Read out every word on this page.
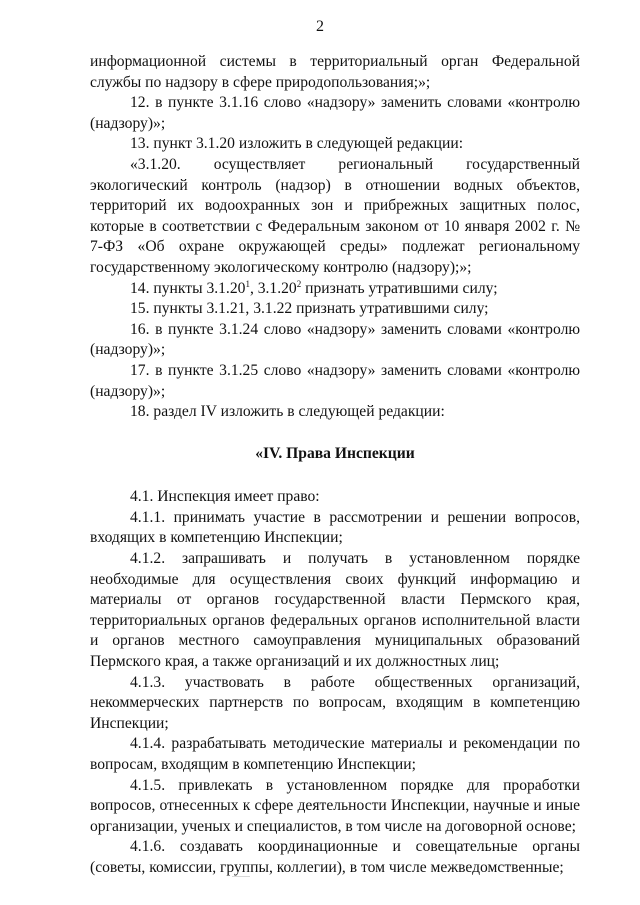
2

информационной системы в территориальный орган Федеральной службы по надзору в сфере природопользования;»;

12. в пункте 3.1.16 слово «надзору» заменить словами «контролю (надзору)»;

13. пункт 3.1.20 изложить в следующей редакции:

«3.1.20. осуществляет региональный государственный экологический контроль (надзор) в отношении водных объектов, территорий их водоохранных зон и прибрежных защитных полос, которые в соответствии с Федеральным законом от 10 января 2002 г. № 7-ФЗ «Об охране окружающей среды» подлежат региональному государственному экологическому контролю (надзору);»;

14. пункты 3.1.20$^1$, 3.1.20$^2$ признать утратившими силу;

15. пункты 3.1.21, 3.1.22 признать утратившими силу;

16. в пункте 3.1.24 слово «надзору» заменить словами «контролю (надзору)»;

17. в пункте 3.1.25 слово «надзору» заменить словами «контролю (надзору)»;

18. раздел IV изложить в следующей редакции:

«IV. Права Инспекции

4.1. Инспекция имеет право:

4.1.1. принимать участие в рассмотрении и решении вопросов, входящих в компетенцию Инспекции;

4.1.2. запрашивать и получать в установленном порядке необходимые для осуществления своих функций информацию и материалы от органов государственной власти Пермского края, территориальных органов федеральных органов исполнительной власти и органов местного самоуправления муниципальных образований Пермского края, а также организаций и их должностных лиц;

4.1.3. участвовать в работе общественных организаций, некоммерческих партнерств по вопросам, входящим в компетенцию Инспекции;

4.1.4. разрабатывать методические материалы и рекомендации по вопросам, входящим в компетенцию Инспекции;

4.1.5. привлекать в установленном порядке для проработки вопросов, отнесенных к сфере деятельности Инспекции, научные и иные организации, ученых и специалистов, в том числе на договорной основе;

4.1.6. создавать координационные и совещательные органы (советы, комиссии, группы, коллегии), в том числе межведомственные;
